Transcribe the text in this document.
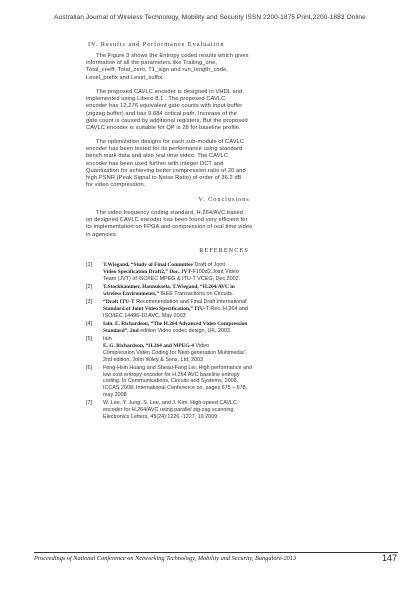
Australian Journal of Wireless Technology, Mobility and Security ISSN 2200-1875 Print,2200-1883 Online
IV. Results and Performance Evaluation
The Figure 3 shows the Entropy coded results which gives
information of all the parameters like Trailing_one,
Total_coeff, Total_zero, T1_sign and run_length_code,
Level_prefix and Level_suffix.
The proposed CAVLC encoder is designed in VHDL and
implemented using Libero 8.1 . The proposed CAVLC
encoder has 12,276 equivalent gate counts with input buffer
(zigzag buffer) and has 9,684 critical path. Increase of the
gate count is caused by additional registers. But the proposed
CAVLC encoder is suitable for QP is 28 for baseline profile.
The optimization designs for each sub-module of CAVLC
encoder has been tested for its performance using standard
bench mark data and also real time video. The CAVLC
encoder has been used further with integer DCT and
Quantization for achieving better compression ratio of 20 and
high PSNR (Peak Signal to Noise Ratio) of order of 36.2 dB
for video compression.
V. Conclusions
The video frequency coding standard, H.264/AVC based
on designed CAVLC encoder has been found very efficient for
its implementation on FPGA and compression of real time video
in agencies.
REFERENCES
[1] T.Wiegand, “Study of Final Committee Draft of Joint
Video Specification Draft2,” Doc. JVT-F100d2,Joint Video
Team (JVT) of ISO/IEC MPEG & ITU-T VCEG, Dec.2002.
[2] T.Stockhammer, Hannuksela, T.Wiegand, “H.264/AVC in
wireless Environments,” IEEE Transactions on Circuits.
[3] “Draft ITU-T Recommendation and Final Draft International
Standard of Joint Video Specification,” ITU-T Rec. H.264 and
ISO/IEC 14496-10 AVC, May 2003
[4] Iain. E. Richardson, “The H.264 Advanced Video Compression
Standard”, 2nd edition Video codec design, UK, 2003.
[5] Iain
E. G. Richardson, “H.264 and MPEG-4 Video
Compression Video Coding for Next-generation Multimedia”,
2nd edition, John Wiley & Sons, Ltd, 2003
[6] Feng-Hsin Huang and Sheau-Fang Lei, High performance and
low cost entropy encoder for H.264 AVC baseline entropy
coding. In Communications, Circuits and Systems, 2008.
ICCAS 2008. International Conference on, pages 675 – 678,
may 2008
[7] W. Lee, Y. Jung, S. Lee, and J. Kim. High-speed CAVLC
encoder for H.264/AVC using parallel zig-zag scanning.
Electronics Letters, 45(24):1226 -1227, 19 2009.
Proceedings of National Conference on Networking Technology, Mobility and Security, Bangalore-2013	147
